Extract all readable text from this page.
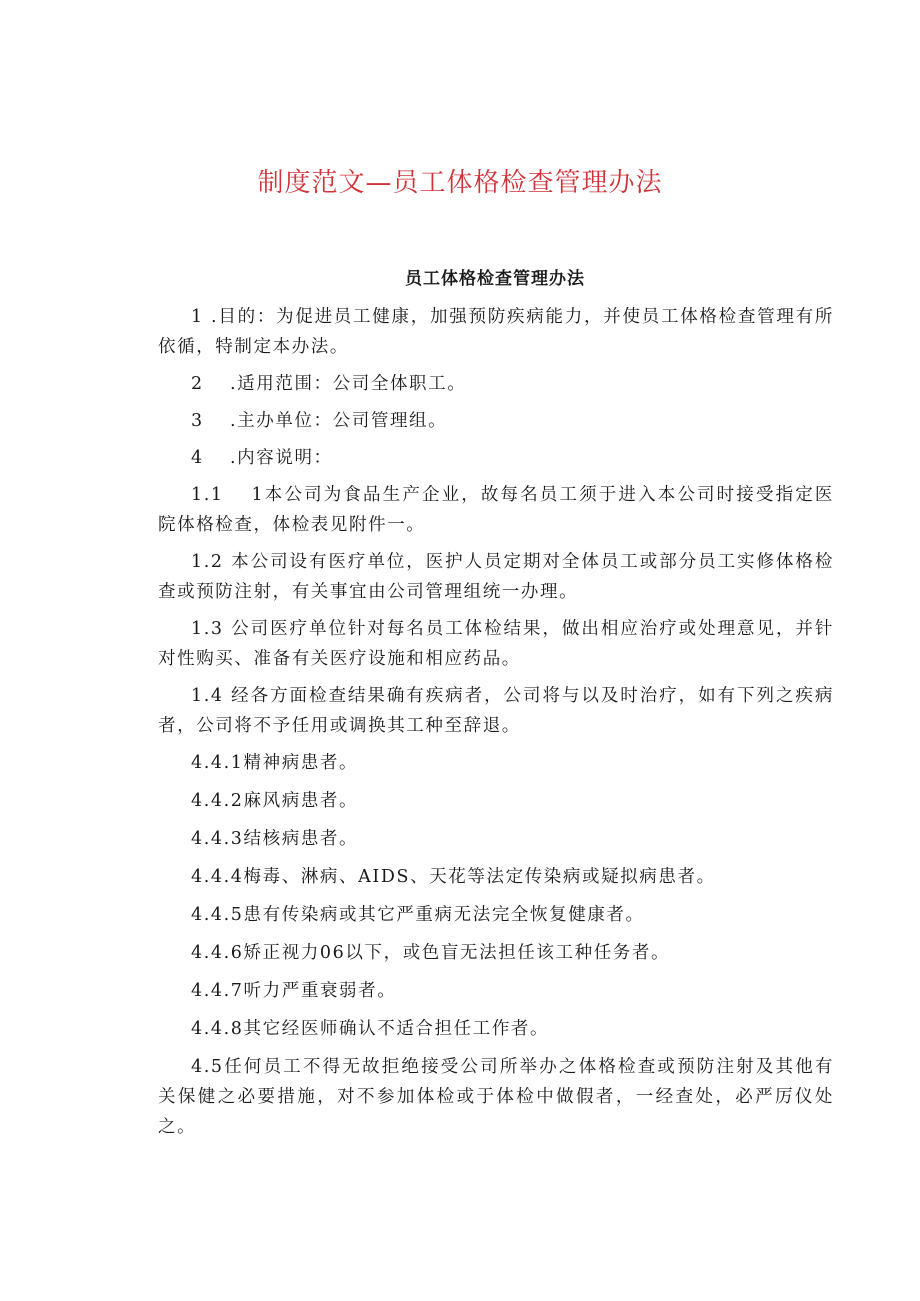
制度范文—员工体格检查管理办法
员工体格检查管理办法

1 .目的：为促进员工健康，加强预防疾病能力，并使员工体格检查管理有所依循，特制定本办法。

2　 .适用范围：公司全体职工。

3　 .主办单位：公司管理组。

4　 .内容说明：

1.1　 1本公司为食品生产企业，故每名员工须于进入本公司时接受指定医院体格检查，体检表见附件一。

1.2 本公司设有医疗单位，医护人员定期对全体员工或部分员工实修体格检查或预防注射，有关事宜由公司管理组统一办理。

1.3 公司医疗单位针对每名员工体检结果，做出相应治疗或处理意见，并针对性购买、准备有关医疗设施和相应药品。

1.4 经各方面检查结果确有疾病者，公司将与以及时治疗，如有下列之疾病者，公司将不予任用或调换其工种至辞退。

4.4.1精神病患者。

4.4.2麻风病患者。

4.4.3结核病患者。

4.4.4梅毒、淋病、AIDS、天花等法定传染病或疑拟病患者。

4.4.5患有传染病或其它严重病无法完全恢复健康者。

4.4.6矫正视力06以下，或色盲无法担任该工种任务者。

4.4.7听力严重衰弱者。

4.4.8其它经医师确认不适合担任工作者。

4.5任何员工不得无故拒绝接受公司所举办之体格检查或预防注射及其他有关保健之必要措施，对不参加体检或于体检中做假者，一经查处，必严厉仪处之。
